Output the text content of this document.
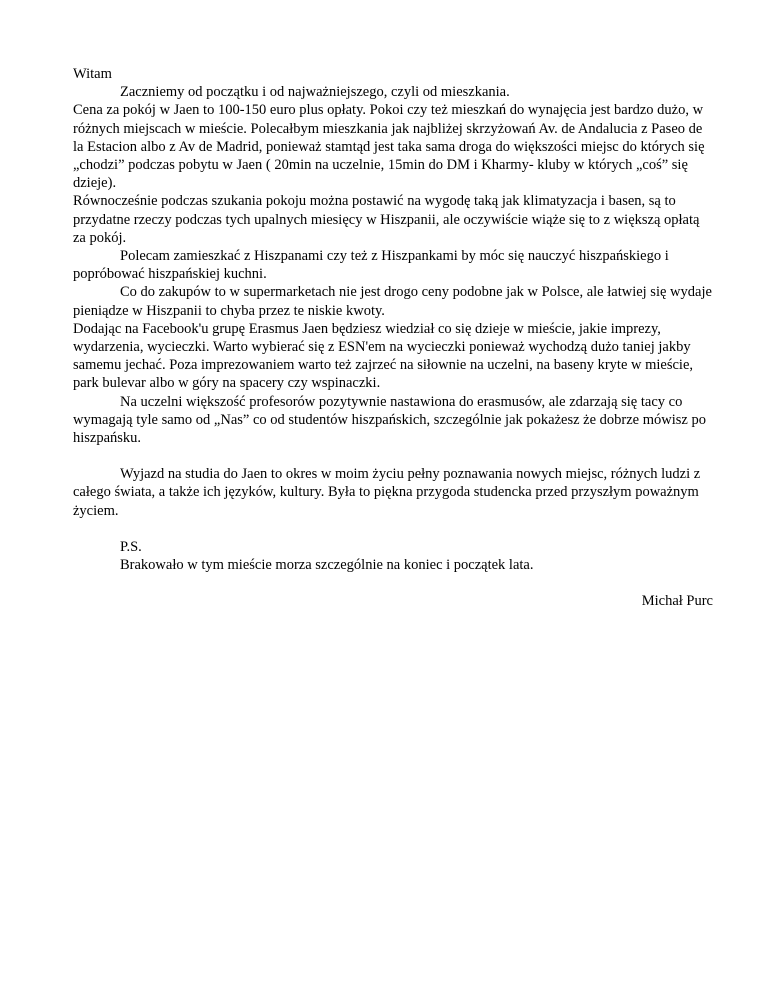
Witam

Zaczniemy od początku i od najważniejszego, czyli od mieszkania.

Cena za pokój w Jaen to 100-150 euro plus opłaty. Pokoi czy też mieszkań do wynajęcia jest bardzo dużo, w różnych miejscach w mieście. Polecałbym mieszkania jak najbliżej skrzyżowań Av. de Andalucia z Paseo de la Estacion albo z Av de Madrid, ponieważ stamtąd jest taka sama droga do większości miejsc do których się „chodzi” podczas pobytu w Jaen ( 20min na uczelnie, 15min do DM i Kharmy- kluby w których „coś” się dzieje).

Równocześnie podczas szukania pokoju można postawić na wygodę taką jak klimatyzacja i basen, są to przydatne rzeczy podczas tych upalnych miesięcy w Hiszpanii, ale oczywiście wiąże się to z większą opłatą za pokój.

Polecam zamieszkać z Hiszpanami czy też z Hiszpankami by móc się nauczyć hiszpańskiego i popróbować hiszpańskiej kuchni.

Co do zakupów to w supermarketach nie jest drogo ceny podobne jak w Polsce, ale łatwiej się wydaje pieniądze w Hiszpanii to chyba przez te niskie kwoty.

Dodając na Facebook'u grupę Erasmus Jaen będziesz wiedział co się dzieje w mieście, jakie imprezy, wydarzenia, wycieczki. Warto wybierać się z ESN'em na wycieczki ponieważ wychodzą dużo taniej jakby samemu jechać. Poza imprezowaniem warto też zajrzeć na siłownie na uczelni, na baseny kryte w mieście, park bulevar albo w góry na spacery czy wspinaczki.

Na uczelni większość profesorów pozytywnie nastawiona do erasmusów, ale zdarzają się tacy co wymagają tyle samo od „Nas” co od studentów hiszpańskich, szczególnie jak pokażesz że dobrze mówisz po hiszpańsku.

Wyjazd na studia do Jaen to okres w moim życiu pełny poznawania nowych miejsc, różnych ludzi z całego świata, a także ich języków, kultury. Była to piękna przygoda studencka przed przyszłym poważnym życiem.

P.S.

Brakowało w tym mieście morza szczególnie na koniec i początek lata.

Michał Purc
